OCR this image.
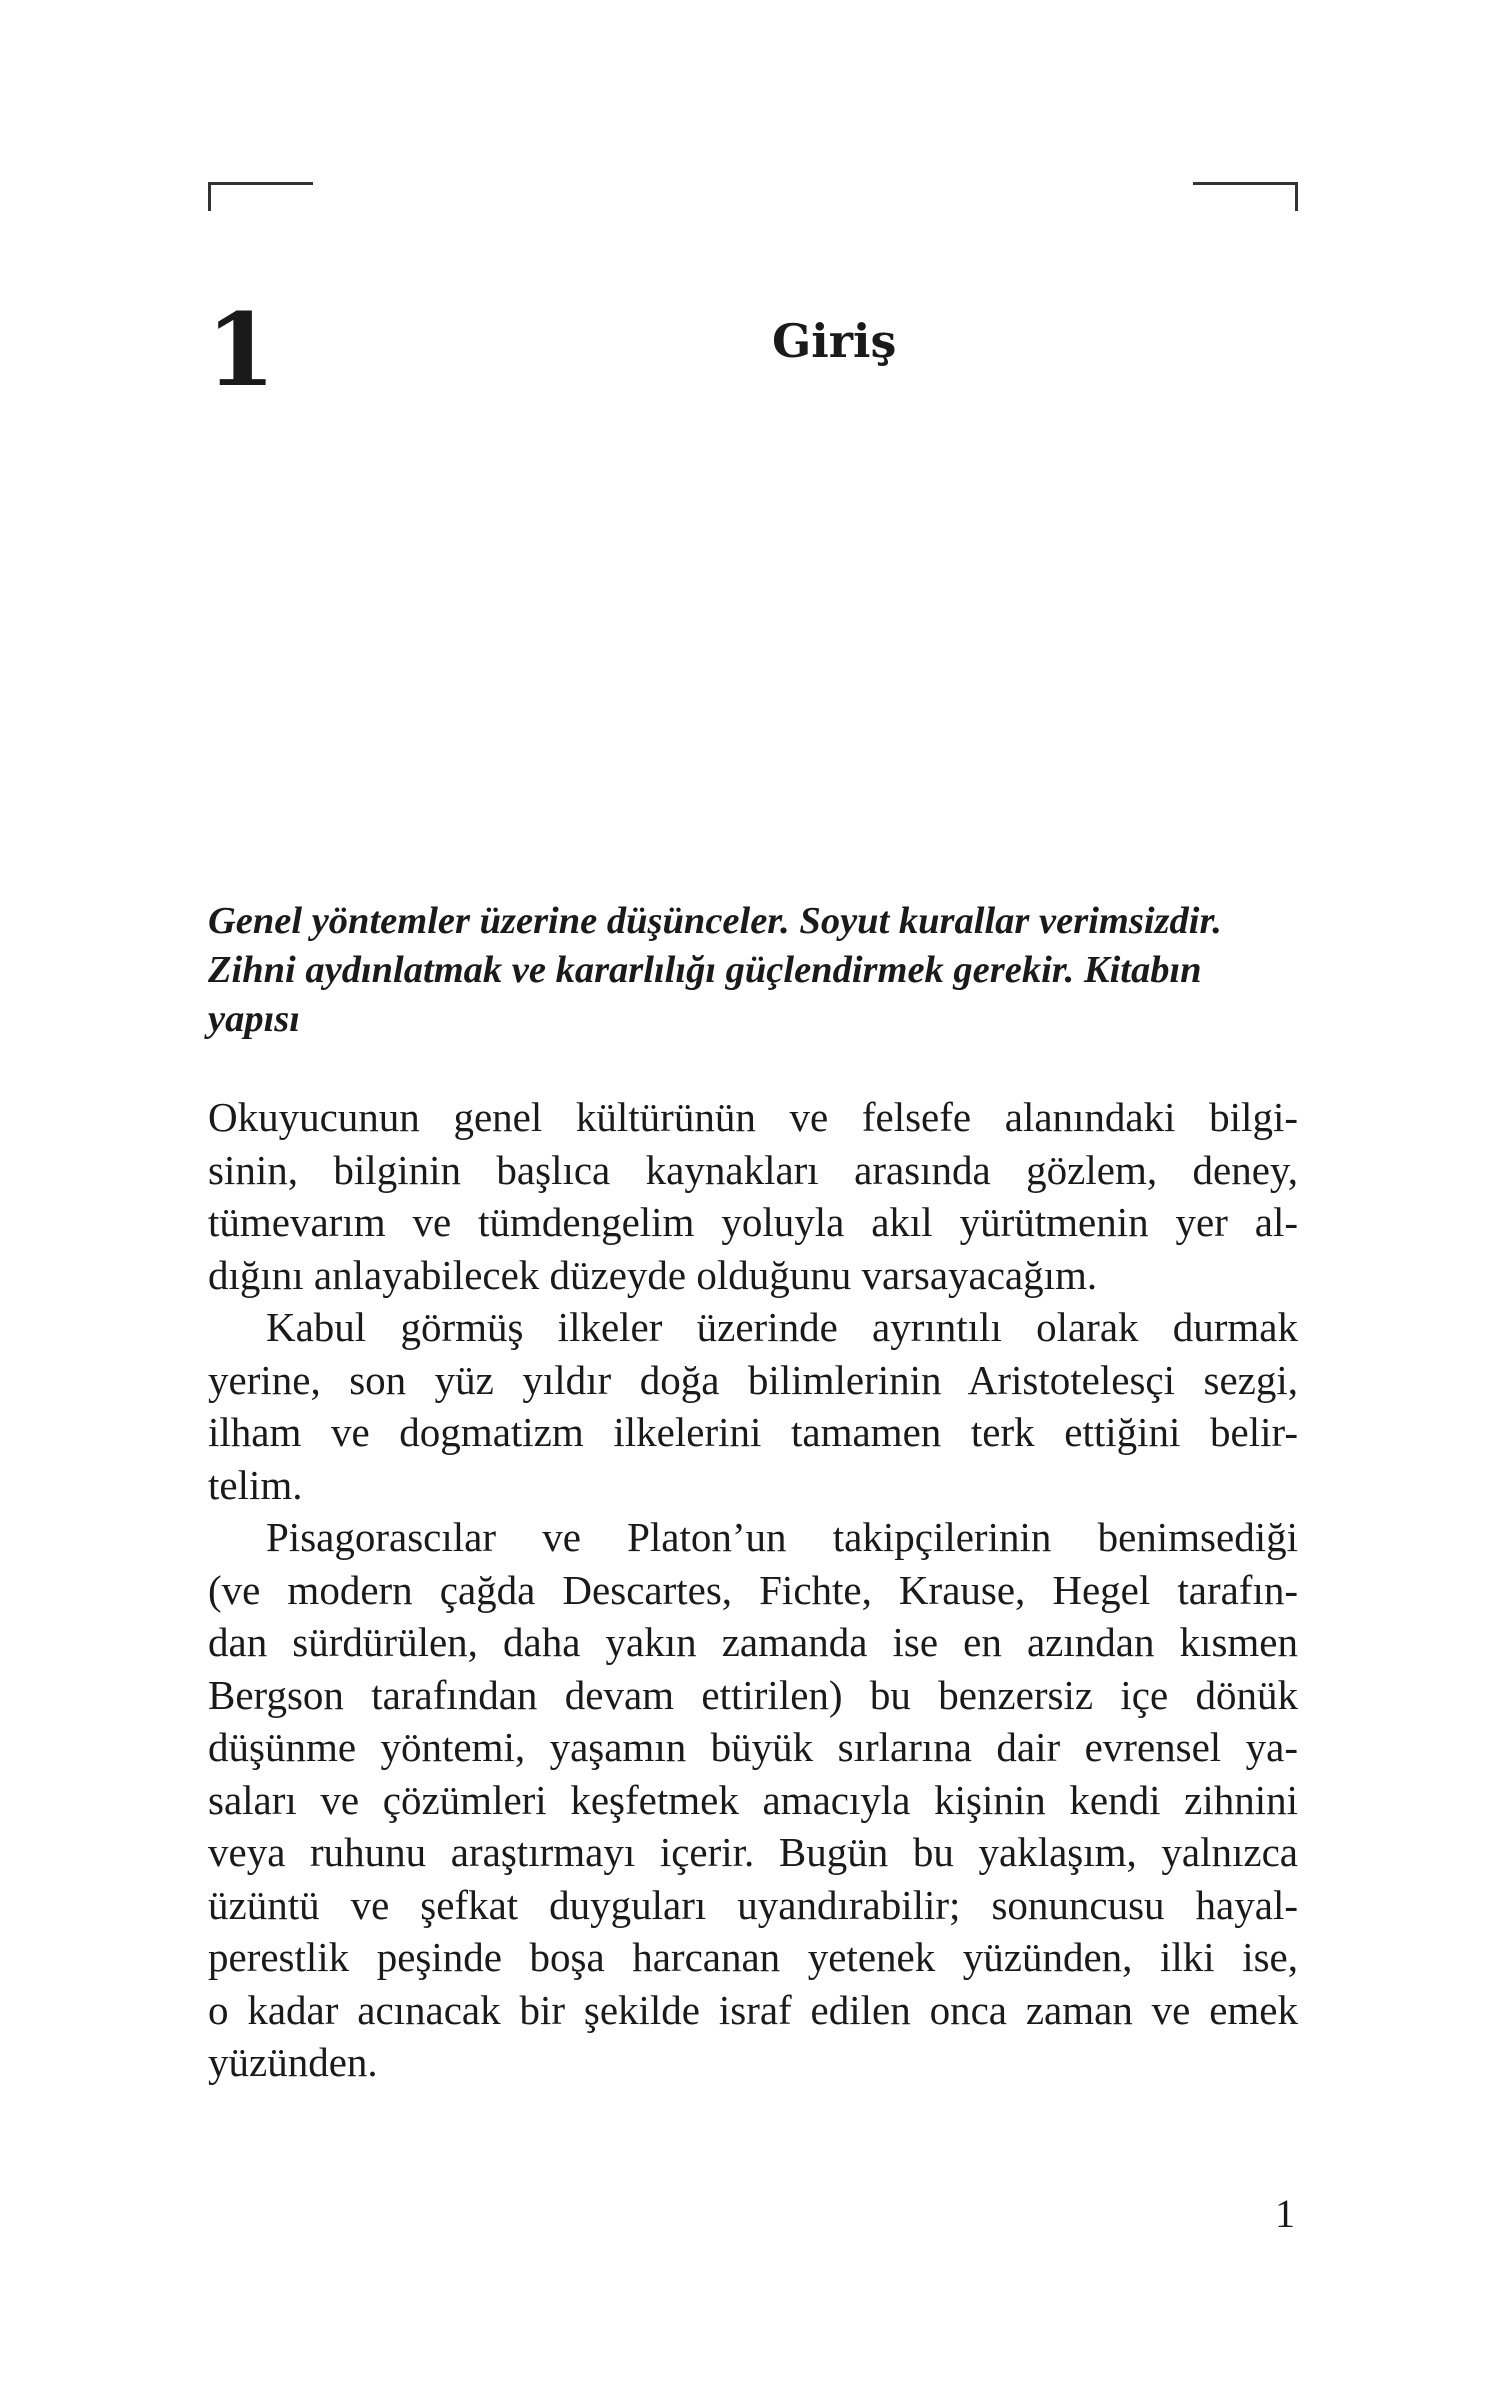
1	Giriş

Genel yöntemler üzerine düşünceler. Soyut kurallar verimsizdir. Zihni aydınlatmak ve kararlılığı güçlendirmek gerekir. Kitabın yapısı

Okuyucunun genel kültürünün ve felsefe alanındaki bilgi-
sinin, bilginin başlıca kaynakları arasında gözlem, deney,
tümevarım ve tümdengelim yoluyla akıl yürütmenin yer al-
dığını anlayabilecek düzeyde olduğunu varsayacağım.

Kabul görmüş ilkeler üzerinde ayrıntılı olarak durmak
yerine, son yüz yıldır doğa bilimlerinin Aristotelesçi sezgi,
ilham ve dogmatizm ilkelerini tamamen terk ettiğini belir-
telim.

Pisagorascılar ve Platon’un takipçilerinin benimsediği
(ve modern çağda Descartes, Fichte, Krause, Hegel tarafın-
dan sürdürülen, daha yakın zamanda ise en azından kısmen
Bergson tarafından devam ettirilen) bu benzersiz içe dönük
düşünme yöntemi, yaşamın büyük sırlarına dair evrensel ya-
saları ve çözümleri keşfetmek amacıyla kişinin kendi zihnini
veya ruhunu araştırmayı içerir. Bugün bu yaklaşım, yalnızca
üzüntü ve şefkat duyguları uyandırabilir; sonuncusu hayal-
perestlik peşinde boşa harcanan yetenek yüzünden, ilki ise,
o kadar acınacak bir şekilde israf edilen onca zaman ve emek
yüzünden.

1
